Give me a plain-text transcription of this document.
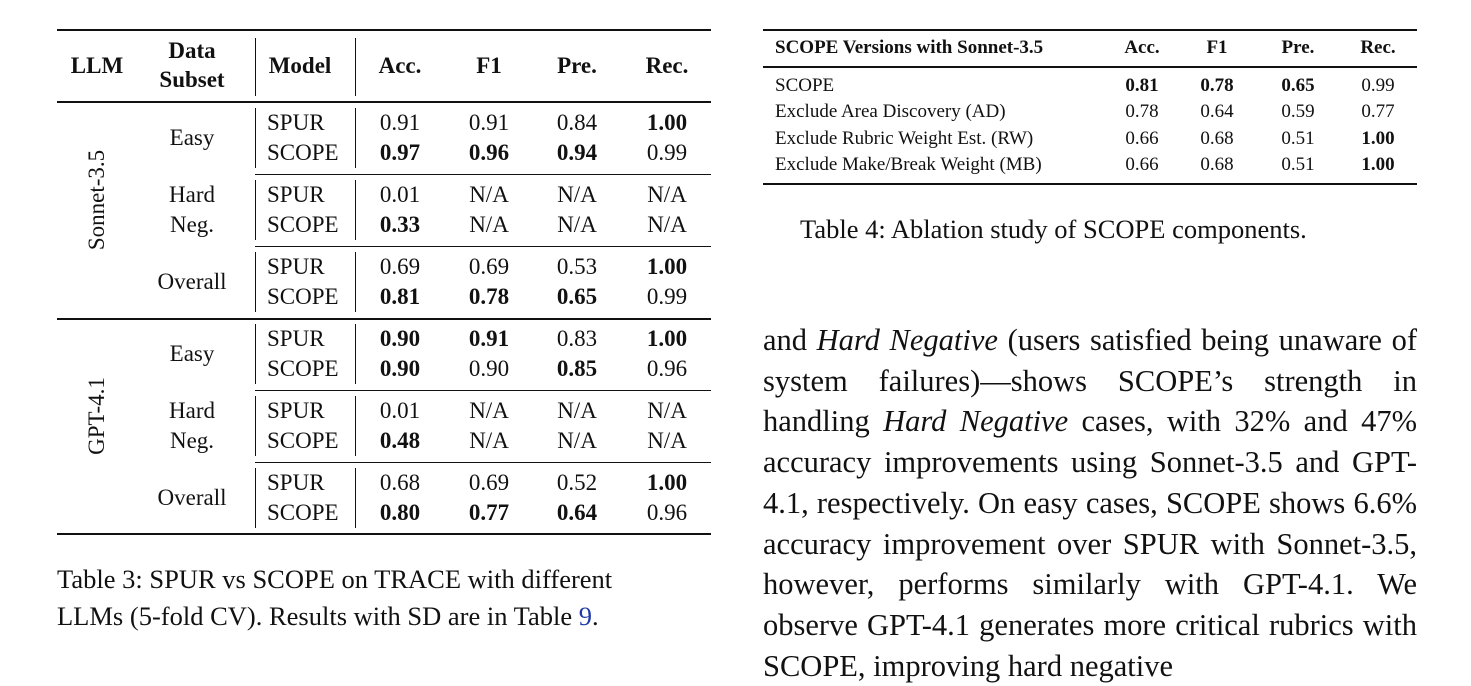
LLM
Data
Subset
Model Acc. F1 Pre. Rec.
Sonnet-3.5
Easy
SPUR 0.91 0.91 0.84 1.00
SCOPE 0.97 0.96 0.94 0.99
Hard
Neg.
SPUR 0.01 N/A N/A N/A
SCOPE 0.33 N/A N/A N/A
Overall
SPUR 0.69 0.69 0.53 1.00
SCOPE 0.81 0.78 0.65 0.99
GPT-4.1
Easy
SPUR 0.90 0.91 0.83 1.00
SCOPE 0.90 0.90 0.85 0.96
Hard
Neg.
SPUR 0.01 N/A N/A N/A
SCOPE 0.48 N/A N/A N/A
Overall
SPUR 0.68 0.69 0.52 1.00
SCOPE 0.80 0.77 0.64 0.96
Table 3: SPUR vs SCOPE on TRACE with different
LLMs (5-fold CV). Results with SD are in Table 9.
SCOPE Versions with Sonnet-3.5	Acc. F1	Pre. Rec.
SCOPE	0.81 0.78	0.65 0.99
Exclude Area Discovery (AD)	0.78 0.64	0.59 0.77
Exclude Rubric Weight Est. (RW)	0.66 0.68	0.51 1.00
Exclude Make/Break Weight (MB)	0.66 0.68	0.51 1.00
Table 4: Ablation study of SCOPE components.
and Hard Negative (users satisfied being unaware of system failures)—shows SCOPE’s strength in handling Hard Negative cases, with 32% and 47% accuracy improvements using Sonnet-3.5 and GPT-4.1, respectively. On easy cases, SCOPE shows 6.6% accuracy improvement over SPUR with Sonnet-3.5, however, performs similarly with GPT-4.1. We observe GPT-4.1 generates more critical rubrics with SCOPE, improving hard negative
